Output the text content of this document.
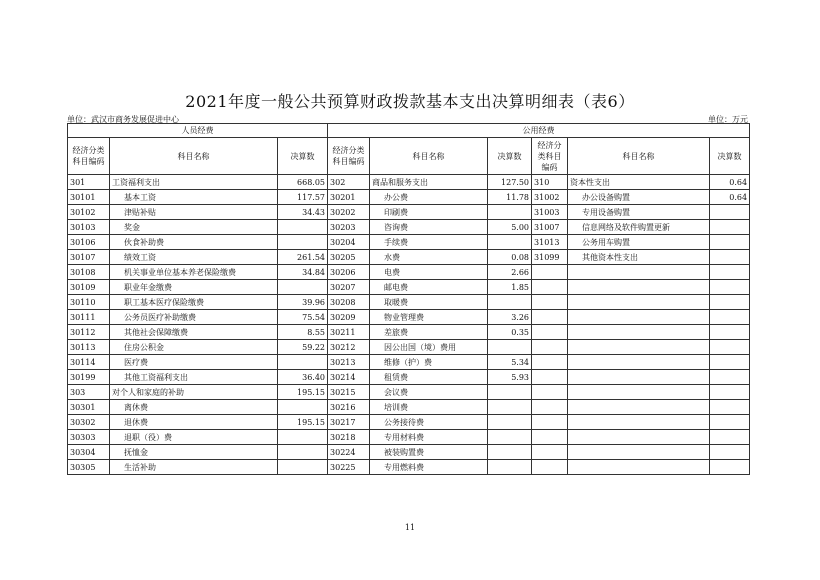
2021年度一般公共预算财政拨款基本支出决算明细表（表6）
单位：武汉市商务发展促进中心	单位：万元
人员经费			公用经费					
经济分类科目编码	科目名称	决算数	经济分类科目编码	科目名称	决算数	经济分类科目编码	科目名称	决算数
301	工资福利支出	668.05	302	商品和服务支出	127.50	310	资本性支出	0.64
30101	基本工资	117.57	30201	办公费	11.78	31002	办公设备购置	0.64
30102	津贴补贴	34.43	30202	印刷费		31003	专用设备购置	
30103	奖金		30203	咨询费	5.00	31007	信息网络及软件购置更新	
30106	伙食补助费		30204	手续费		31013	公务用车购置	
30107	绩效工资	261.54	30205	水费	0.08	31099	其他资本性支出	
30108	机关事业单位基本养老保险缴费	34.84	30206	电费	2.66			
30109	职业年金缴费		30207	邮电费	1.85			
30110	职工基本医疗保险缴费	39.96	30208	取暖费				
30111	公务员医疗补助缴费	75.54	30209	物业管理费	3.26			
30112	其他社会保障缴费	8.55	30211	差旅费	0.35			
30113	住房公积金	59.22	30212	因公出国（境）费用				
30114	医疗费		30213	维修（护）费	5.34			
30199	其他工资福利支出	36.40	30214	租赁费	5.93			
303	对个人和家庭的补助	195.15	30215	会议费				
30301	离休费		30216	培训费				
30302	退休费	195.15	30217	公务接待费				
30303	退职（役）费		30218	专用材料费				
30304	抚恤金		30224	被装购置费				
30305	生活补助		30225	专用燃料费				
11
